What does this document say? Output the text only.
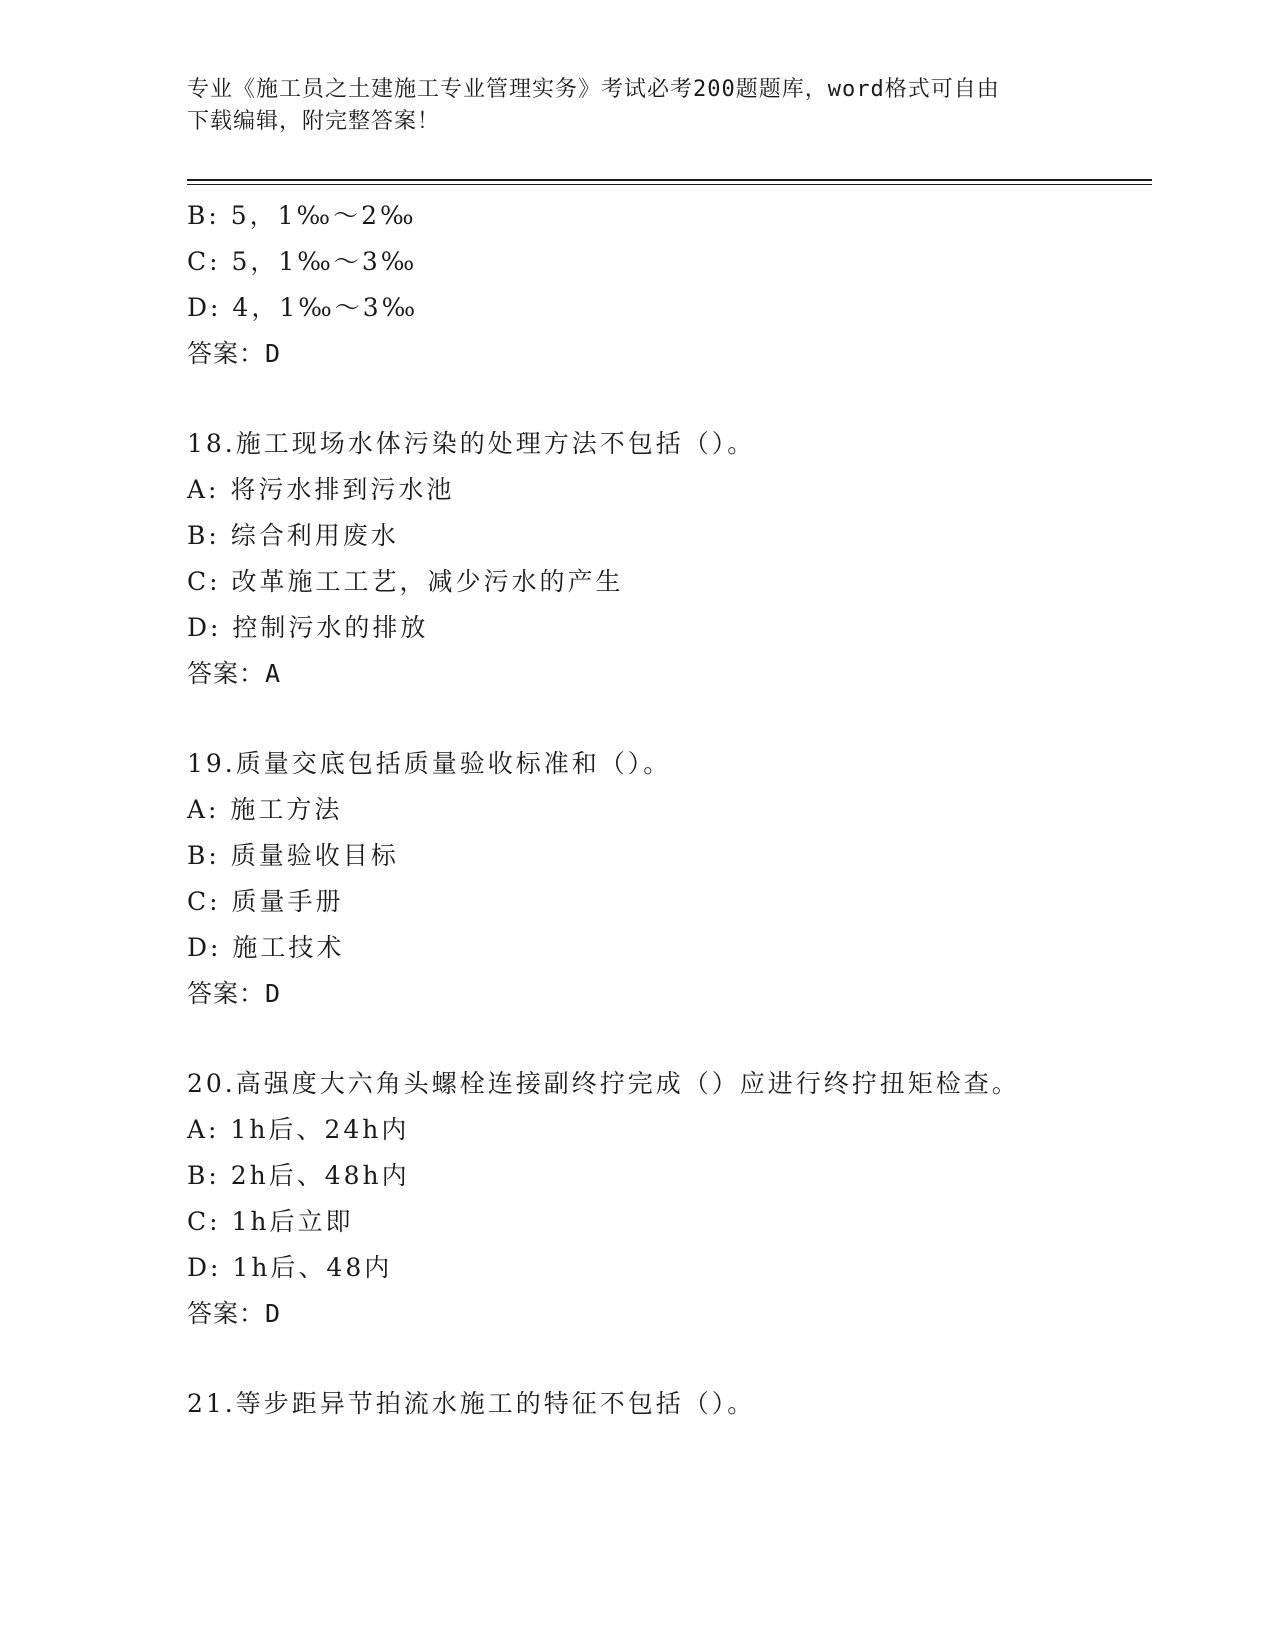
专业《施工员之土建施工专业管理实务》考试必考200题题库，word格式可自由
下载编辑，附完整答案！
B: 5，1‰～2‰
C: 5，1‰～3‰
D: 4，1‰～3‰
答案：D
18.施工现场水体污染的处理方法不包括（）。
A: 将污水排到污水池
B: 综合利用废水
C: 改革施工工艺，减少污水的产生
D: 控制污水的排放
答案：A
19.质量交底包括质量验收标准和（）。
A: 施工方法
B: 质量验收目标
C: 质量手册
D: 施工技术
答案：D
20.高强度大六角头螺栓连接副终拧完成（）应进行终拧扭矩检查。
A: 1h后、24h内
B: 2h后、48h内
C: 1h后立即
D: 1h后、48内
答案：D
21.等步距异节拍流水施工的特征不包括（）。
